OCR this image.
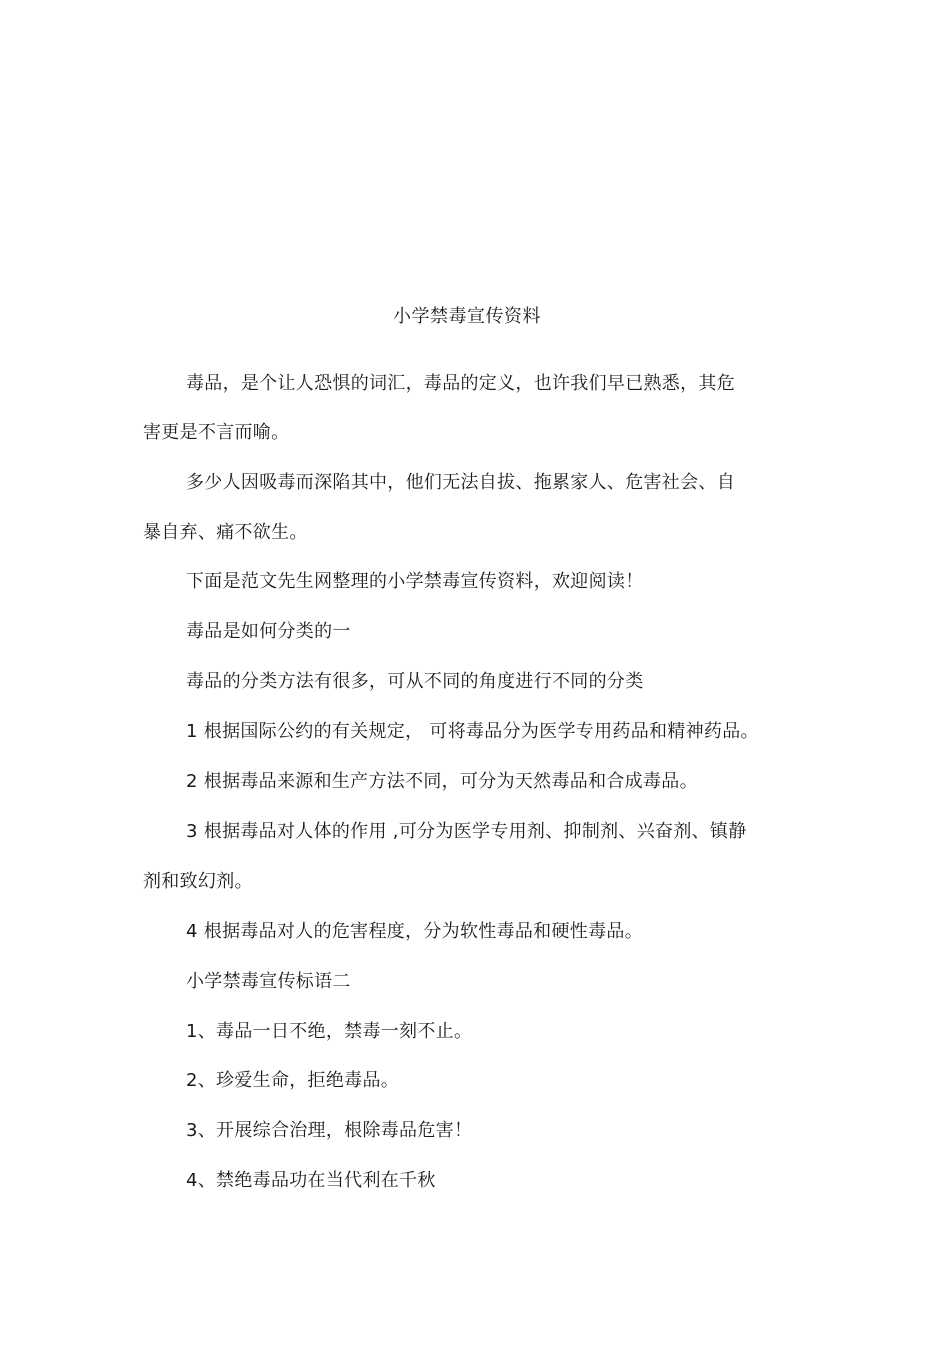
小学禁毒宣传资料
毒品，是个让人恐惧的词汇，毒品的定义，也许我们早已熟悉，其危
害更是不言而喻。
多少人因吸毒而深陷其中，他们无法自拔、拖累家人、危害社会、自
暴自弃、痛不欲生。
下面是范文先生网整理的小学禁毒宣传资料，欢迎阅读！
毒品是如何分类的一
毒品的分类方法有很多，可从不同的角度进行不同的分类
1 根据国际公约的有关规定， 可将毒品分为医学专用药品和精神药品。
2 根据毒品来源和生产方法不同，可分为天然毒品和合成毒品。
3 根据毒品对人体的作用 ,可分为医学专用剂、抑制剂、兴奋剂、镇静
剂和致幻剂。
4 根据毒品对人的危害程度，分为软性毒品和硬性毒品。
小学禁毒宣传标语二
1、毒品一日不绝，禁毒一刻不止。
2、珍爱生命，拒绝毒品。
3、开展综合治理，根除毒品危害！
4、禁绝毒品功在当代利在千秋
